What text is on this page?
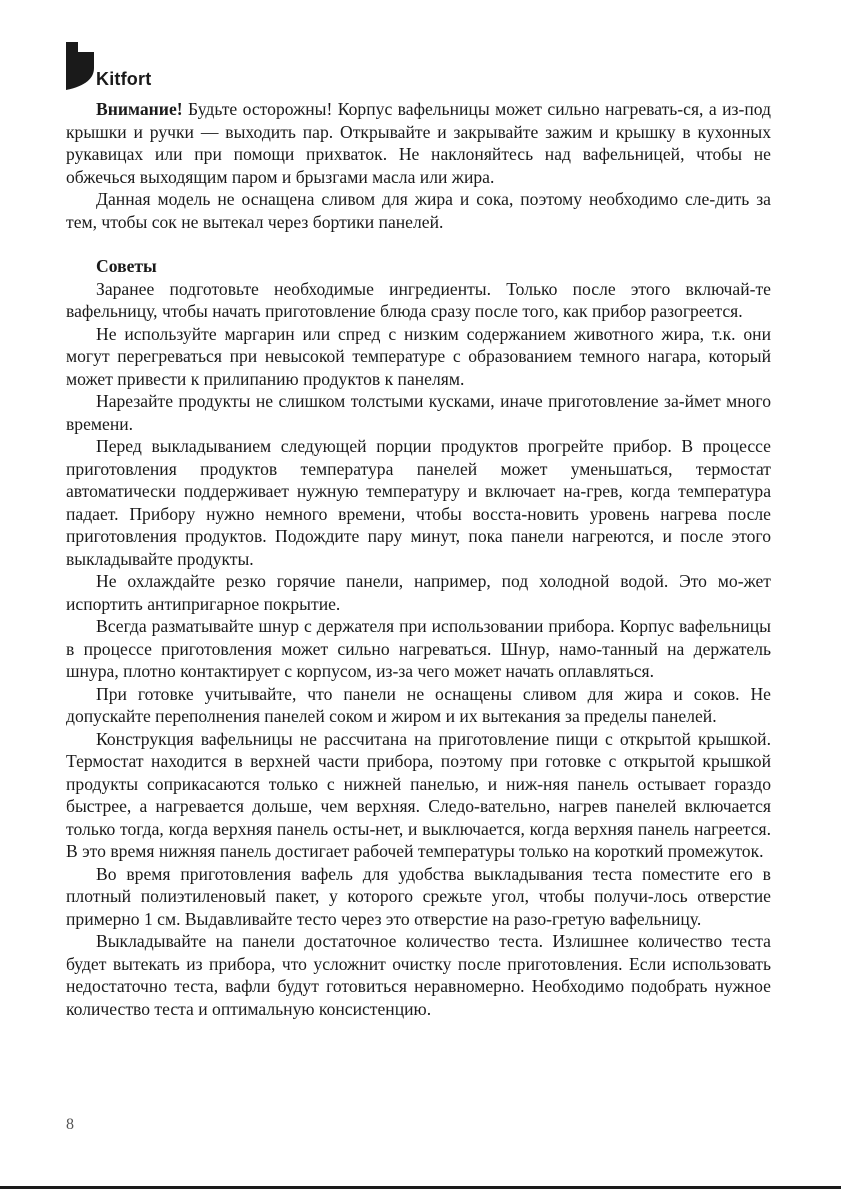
Kitfort

Внимание! Будьте осторожны! Корпус вафельницы может сильно нагревать-ся, а из-под крышки и ручки — выходить пар. Открывайте и закрывайте зажим и крышку в кухонных рукавицах или при помощи прихваток. Не наклоняйтесь над вафельницей, чтобы не обжечься выходящим паром и брызгами масла или жира.

Данная модель не оснащена сливом для жира и сока, поэтому необходимо сле-дить за тем, чтобы сок не вытекал через бортики панелей.

Советы

Заранее подготовьте необходимые ингредиенты. Только после этого включай-те вафельницу, чтобы начать приготовление блюда сразу после того, как прибор разогреется.

Не используйте маргарин или спред с низким содержанием животного жира, т.к. они могут перегреваться при невысокой температуре с образованием темного нагара, который может привести к прилипанию продуктов к панелям.

Нарезайте продукты не слишком толстыми кусками, иначе приготовление за-ймет много времени.

Перед выкладыванием следующей порции продуктов прогрейте прибор. В процессе приготовления продуктов температура панелей может уменьшаться, термостат автоматически поддерживает нужную температуру и включает на-грев, когда температура падает. Прибору нужно немного времени, чтобы восста-новить уровень нагрева после приготовления продуктов. Подождите пару минут, пока панели нагреются, и после этого выкладывайте продукты.

Не охлаждайте резко горячие панели, например, под холодной водой. Это мо-жет испортить антипригарное покрытие.

Всегда разматывайте шнур с держателя при использовании прибора. Корпус вафельницы в процессе приготовления может сильно нагреваться. Шнур, намо-танный на держатель шнура, плотно контактирует с корпусом, из-за чего может начать оплавляться.

При готовке учитывайте, что панели не оснащены сливом для жира и соков. Не допускайте переполнения панелей соком и жиром и их вытекания за пределы панелей.

Конструкция вафельницы не рассчитана на приготовление пищи с открытой крышкой. Термостат находится в верхней части прибора, поэтому при готовке с открытой крышкой продукты соприкасаются только с нижней панелью, и ниж-няя панель остывает гораздо быстрее, а нагревается дольше, чем верхняя. Следо-вательно, нагрев панелей включается только тогда, когда верхняя панель осты-нет, и выключается, когда верхняя панель нагреется. В это время нижняя панель достигает рабочей температуры только на короткий промежуток.

Во время приготовления вафель для удобства выкладывания теста поместите его в плотный полиэтиленовый пакет, у которого срежьте угол, чтобы получи-лось отверстие примерно 1 см. Выдавливайте тесто через это отверстие на разо-гретую вафельницу.

Выкладывайте на панели достаточное количество теста. Излишнее количество теста будет вытекать из прибора, что усложнит очистку после приготовления. Если использовать недостаточно теста, вафли будут готовиться неравномерно. Необходимо подобрать нужное количество теста и оптимальную консистенцию.

8
